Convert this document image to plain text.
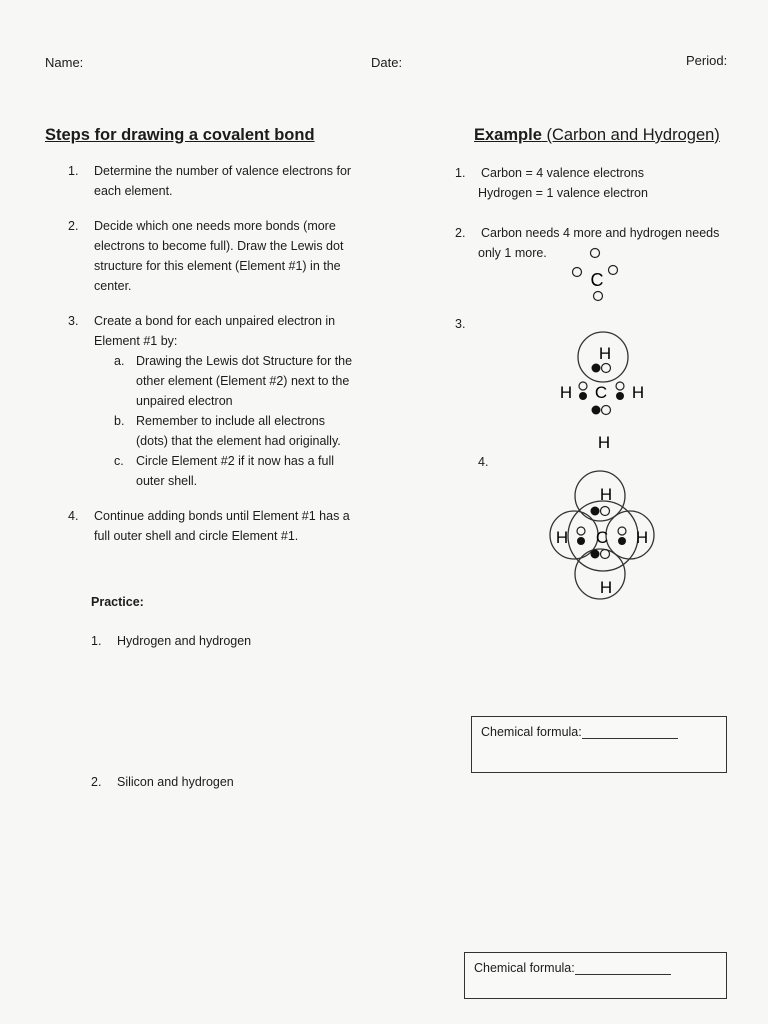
Name:	Date:	Period:
Steps for drawing a covalent bond
1. Determine the number of valence electrons for
each element.
2. Decide which one needs more bonds (more
electrons to become full). Draw the Lewis dot
structure for this element (Element #1) in the
center.
3. Create a bond for each unpaired electron in
Element #1 by:
a. Drawing the Lewis dot Structure for the
other element (Element #2) next to the
unpaired electron
b. Remember to include all electrons
(dots) that the element had originally.
c. Circle Element #2 if it now has a full
outer shell.
4. Continue adding bonds until Element #1 has a
full outer shell and circle Element #1.
Practice:
1. Hydrogen and hydrogen
2. Silicon and hydrogen
Example (Carbon and Hydrogen)
1. Carbon = 4 valence electrons
Hydrogen = 1 valence electron
2. Carbon needs 4 more and hydrogen needs
only 1 more.
3.
4.
C
H
H C H
H
H
H C H
H
Chemical formula:
Chemical formula:
